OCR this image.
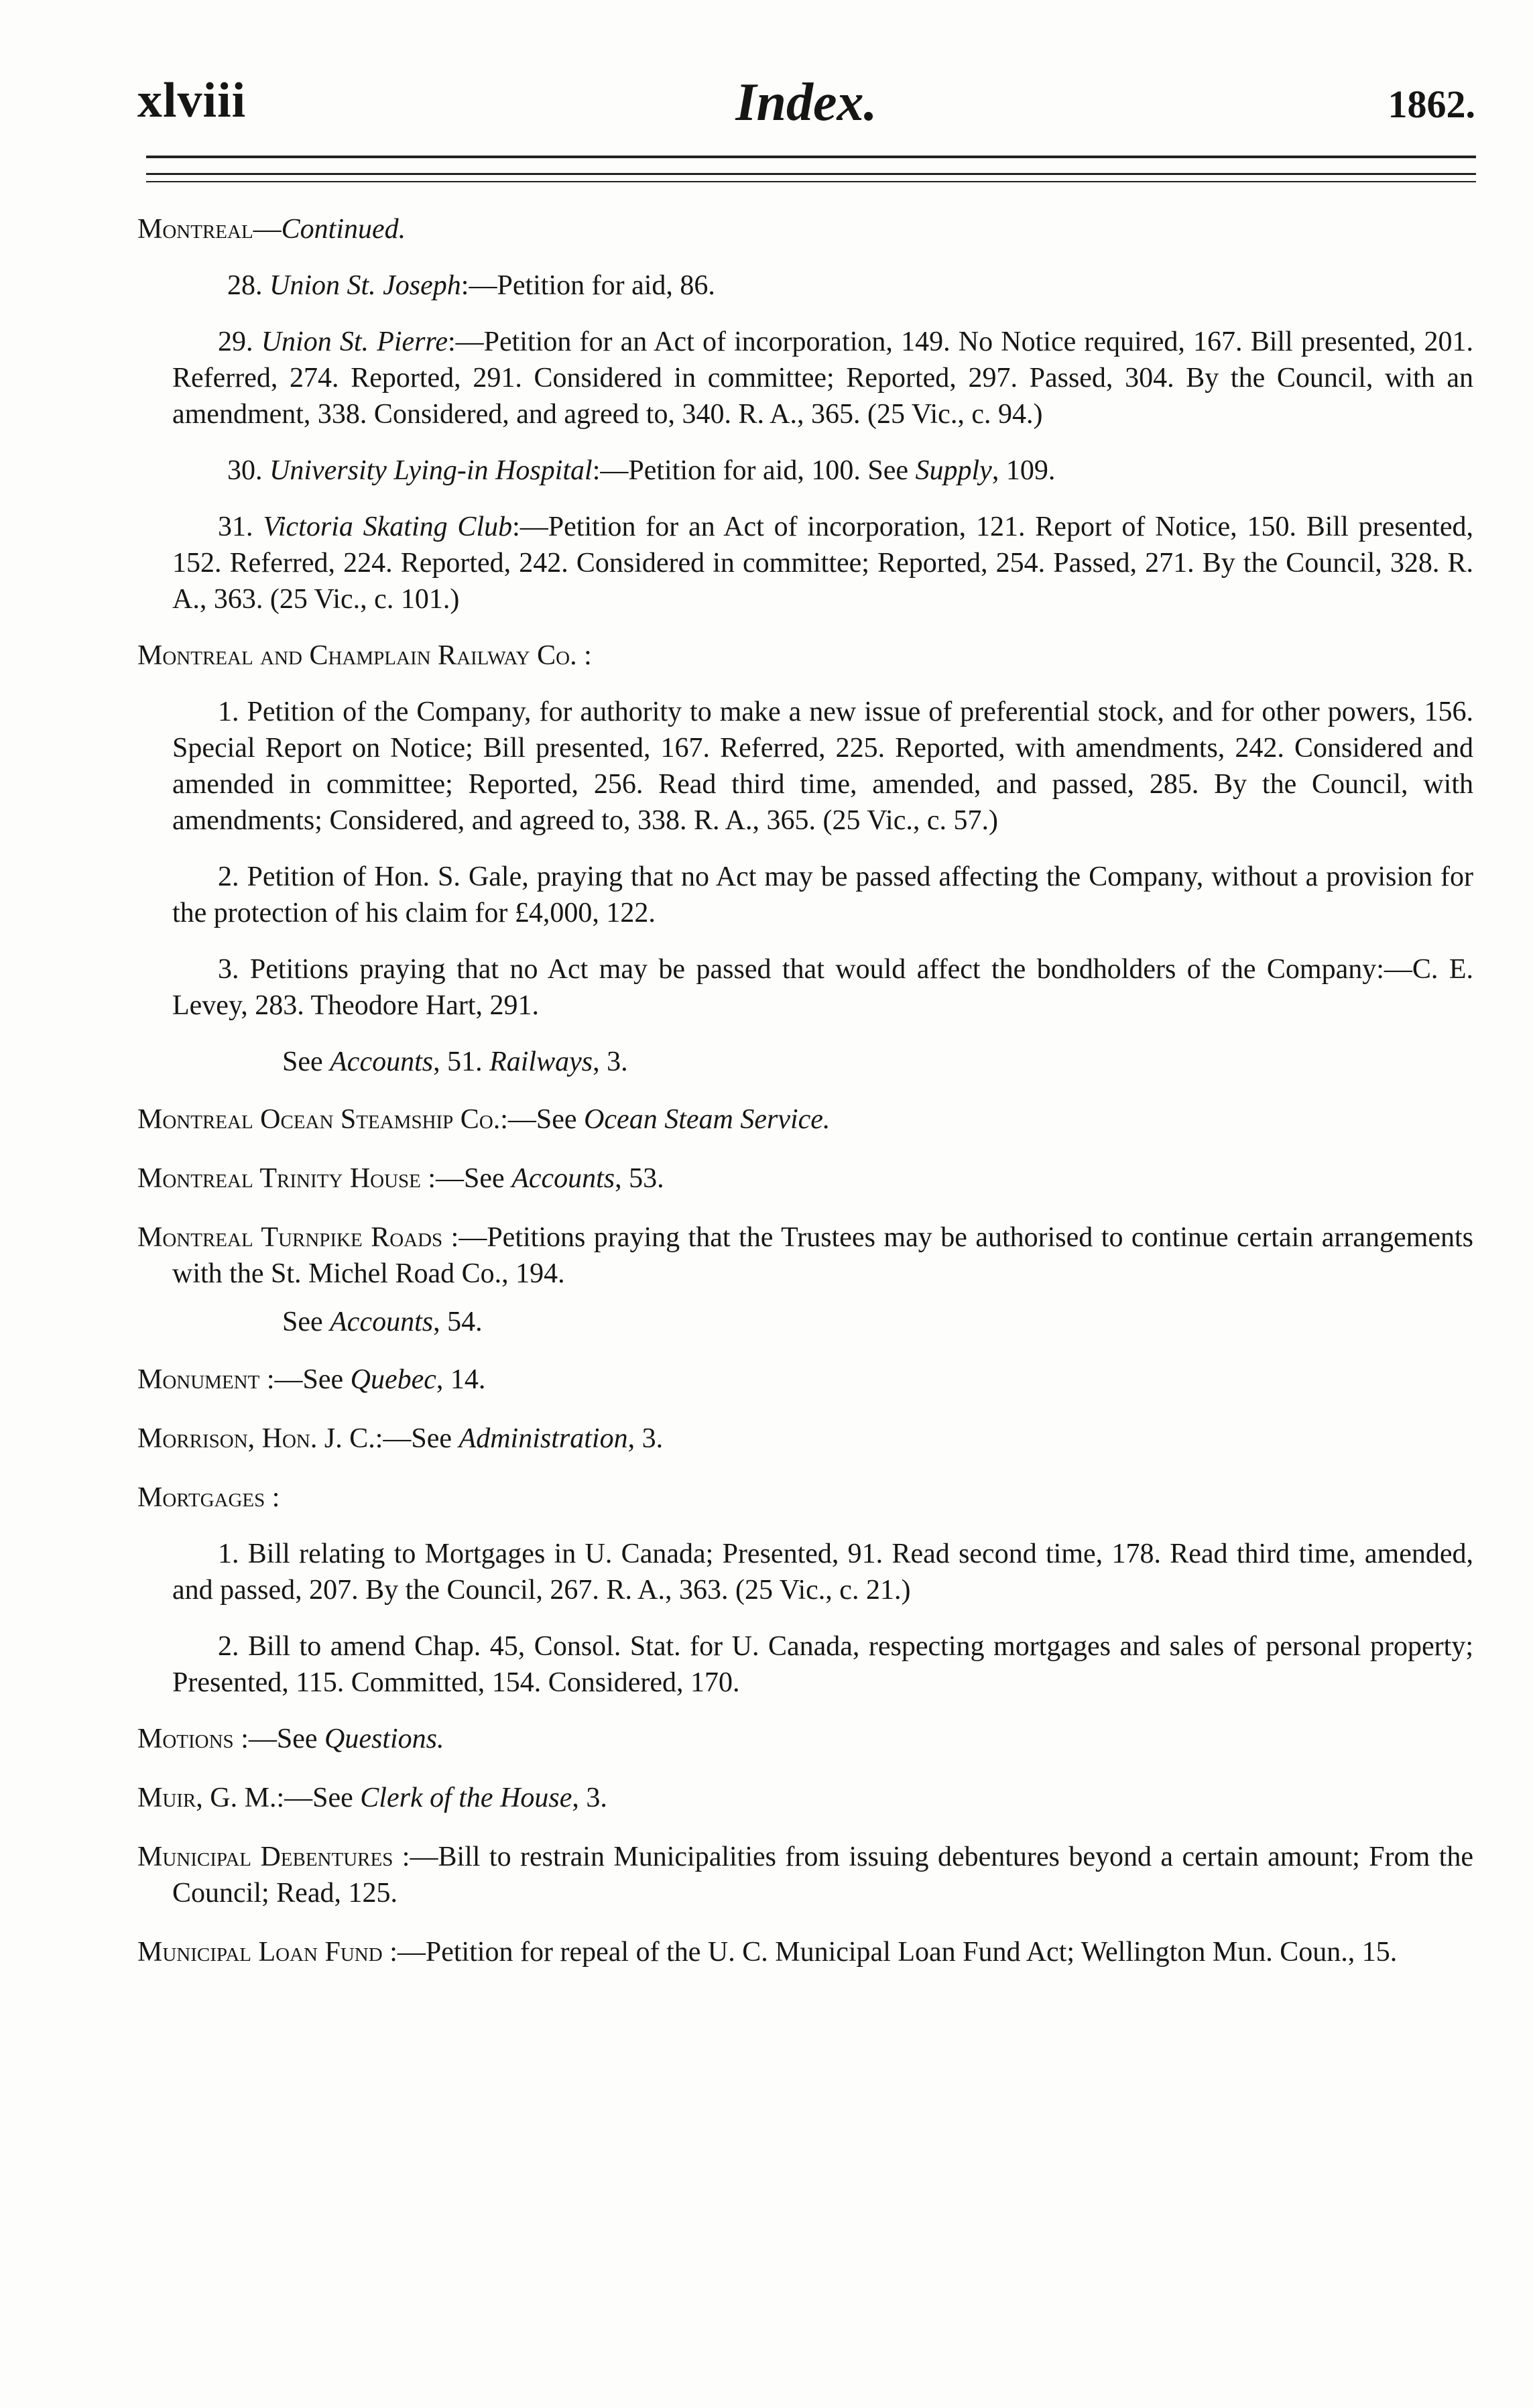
xlviii	Index.	1862.
Montreal—Continued.
28. Union St. Joseph:—Petition for aid, 86.
29. Union St. Pierre:—Petition for an Act of incorporation, 149. No Notice required, 167. Bill presented, 201. Referred, 274. Reported, 291. Considered in committee; Reported, 297. Passed, 304. By the Council, with an amendment, 338. Considered, and agreed to, 340. R. A., 365. (25 Vic., c. 94.)
30. University Lying-in Hospital:—Petition for aid, 100. See Supply, 109.
31. Victoria Skating Club:—Petition for an Act of incorporation, 121. Report of Notice, 150. Bill presented, 152. Referred, 224. Reported, 242. Considered in committee; Reported, 254. Passed, 271. By the Council, 328. R. A., 363. (25 Vic., c. 101.)
Montreal and Champlain Railway Co. :
1. Petition of the Company, for authority to make a new issue of preferential stock, and for other powers, 156. Special Report on Notice; Bill presented, 167. Referred, 225. Reported, with amendments, 242. Considered and amended in committee; Reported, 256. Read third time, amended, and passed, 285. By the Council, with amendments; Considered, and agreed to, 338. R. A., 365. (25 Vic., c. 57.)
2. Petition of Hon. S. Gale, praying that no Act may be passed affecting the Company, without a provision for the protection of his claim for £4,000, 122.
3. Petitions praying that no Act may be passed that would affect the bondholders of the Company:—C. E. Levey, 283. Theodore Hart, 291.
See Accounts, 51. Railways, 3.
Montreal Ocean Steamship Co.:—See Ocean Steam Service.
Montreal Trinity House :—See Accounts, 53.
Montreal Turnpike Roads :—Petitions praying that the Trustees may be authorised to continue certain arrangements with the St. Michel Road Co., 194.
See Accounts, 54.
Monument :—See Quebec, 14.
Morrison, Hon. J. C.:—See Administration, 3.
Mortgages :
1. Bill relating to Mortgages in U. Canada; Presented, 91. Read second time, 178. Read third time, amended, and passed, 207. By the Council, 267. R. A., 363. (25 Vic., c. 21.)
2. Bill to amend Chap. 45, Consol. Stat. for U. Canada, respecting mortgages and sales of personal property; Presented, 115. Committed, 154. Considered, 170.
Motions :—See Questions.
Muir, G. M.:—See Clerk of the House, 3.
Municipal Debentures :—Bill to restrain Municipalities from issuing debentures beyond a certain amount; From the Council; Read, 125.
Municipal Loan Fund :—Petition for repeal of the U. C. Municipal Loan Fund Act; Wellington Mun. Coun., 15.
